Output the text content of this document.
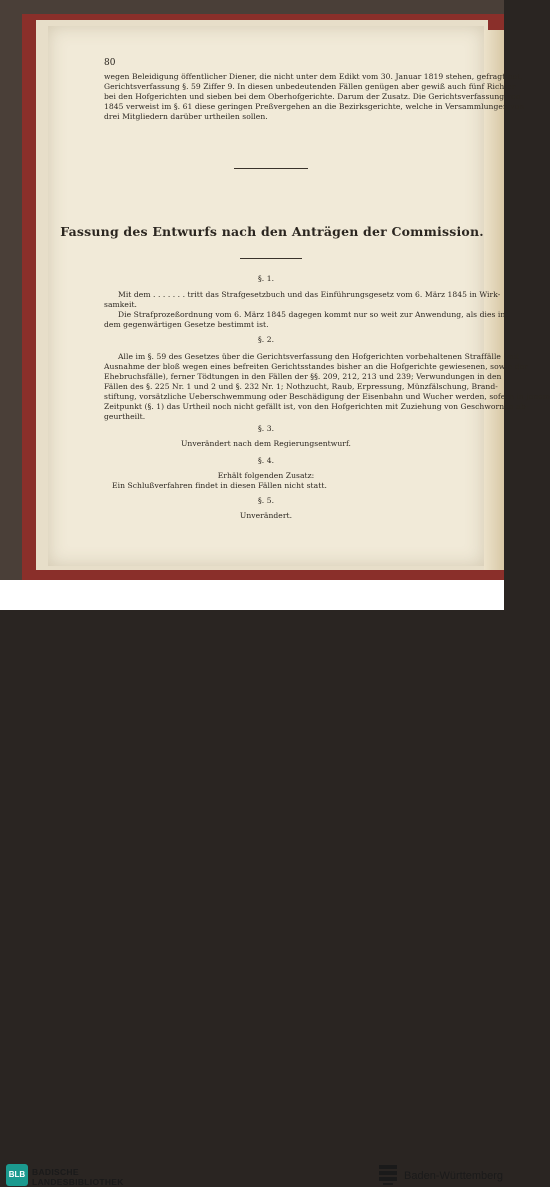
80
wegen Beleidigung öffentlicher Diener, die nicht unter dem Edikt vom 30. Januar 1819 stehen, gefragt hat,
Gerichtsverfassung §. 59 Ziffer 9. In diesen unbedeutenden Fällen genügen aber gewiß auch fünf Richter
bei den Hofgerichten und sieben bei dem Oberhofgerichte. Darum der Zusatz. Die Gerichtsverfassung von
1845 verweist im §. 61 diese geringen Preßvergehen an die Bezirksgerichte, welche in Versammlungen von
drei Mitgliedern darüber urtheilen sollen.
Fassung des Entwurfs nach den Anträgen der Commission.
§. 1.
Mit dem . . . . . . . tritt das Strafgesetzbuch und das Einführungsgesetz vom 6. März 1845 in Wirk-
samkeit.
Die Strafprozeßordnung vom 6. März 1845 dagegen kommt nur so weit zur Anwendung, als dies in
dem gegenwärtigen Gesetze bestimmt ist.
§. 2.
Alle im §. 59 des Gesetzes über die Gerichtsverfassung den Hofgerichten vorbehaltenen Straffälle (mit
Ausnahme der bloß wegen eines befreiten Gerichtsstandes bisher an die Hofgerichte gewiesenen, sowie der
Ehebruchsfälle), ferner Tödtungen in den Fällen der §§. 209, 212, 213 und 239; Verwundungen in den
Fällen des §. 225 Nr. 1 und 2 und §. 232 Nr. 1; Nothzucht, Raub, Erpressung, Münzfälschung, Brand-
stiftung, vorsätzliche Ueberschwemmung oder Beschädigung der Eisenbahn und Wucher werden, sofern in jenem
Zeitpunkt (§. 1) das Urtheil noch nicht gefällt ist, von den Hofgerichten mit Zuziehung von Geschwornen ab-
geurtheilt.
§. 3.
Unverändert nach dem Regierungsentwurf.
§. 4.
Erhält folgenden Zusatz:
Ein Schlußverfahren findet in diesen Fällen nicht statt.
§. 5.
Unverändert.
BLB BADISCHE
LANDESBIBLIOTHEK	Baden-Württemberg
